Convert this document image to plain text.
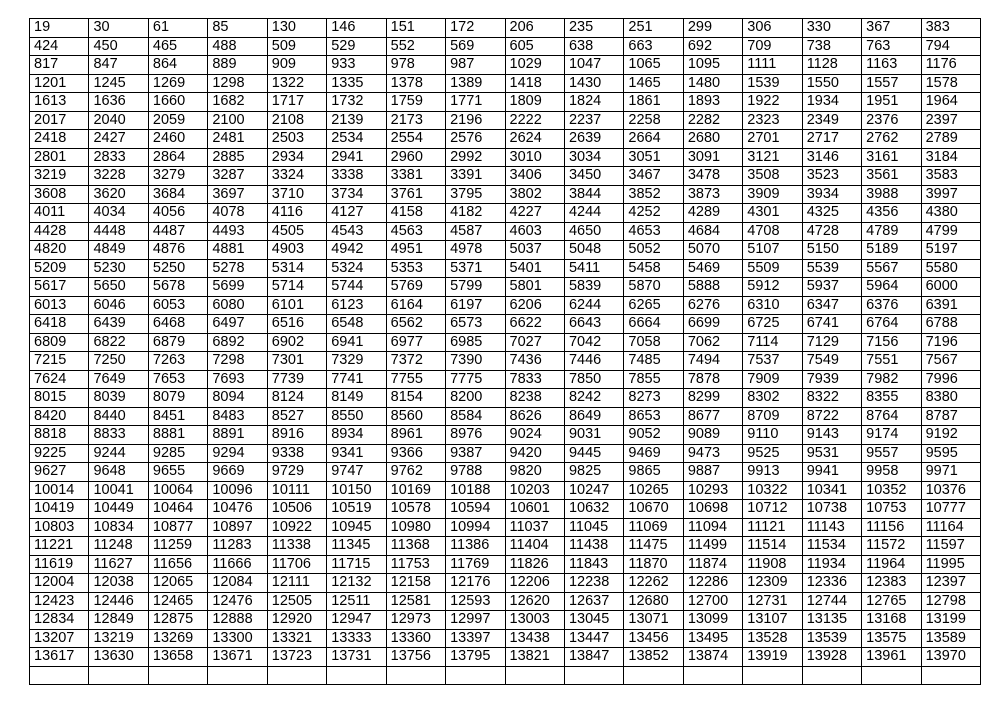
19	30	61	85	130	146	151	172	206	235	251	299	306	330	367	383
424	450	465	488	509	529	552	569	605	638	663	692	709	738	763	794
817	847	864	889	909	933	978	987	1029	1047	1065	1095	1111	1128	1163	1176
1201	1245	1269	1298	1322	1335	1378	1389	1418	1430	1465	1480	1539	1550	1557	1578
1613	1636	1660	1682	1717	1732	1759	1771	1809	1824	1861	1893	1922	1934	1951	1964
2017	2040	2059	2100	2108	2139	2173	2196	2222	2237	2258	2282	2323	2349	2376	2397
2418	2427	2460	2481	2503	2534	2554	2576	2624	2639	2664	2680	2701	2717	2762	2789
2801	2833	2864	2885	2934	2941	2960	2992	3010	3034	3051	3091	3121	3146	3161	3184
3219	3228	3279	3287	3324	3338	3381	3391	3406	3450	3467	3478	3508	3523	3561	3583
3608	3620	3684	3697	3710	3734	3761	3795	3802	3844	3852	3873	3909	3934	3988	3997
4011	4034	4056	4078	4116	4127	4158	4182	4227	4244	4252	4289	4301	4325	4356	4380
4428	4448	4487	4493	4505	4543	4563	4587	4603	4650	4653	4684	4708	4728	4789	4799
4820	4849	4876	4881	4903	4942	4951	4978	5037	5048	5052	5070	5107	5150	5189	5197
5209	5230	5250	5278	5314	5324	5353	5371	5401	5411	5458	5469	5509	5539	5567	5580
5617	5650	5678	5699	5714	5744	5769	5799	5801	5839	5870	5888	5912	5937	5964	6000
6013	6046	6053	6080	6101	6123	6164	6197	6206	6244	6265	6276	6310	6347	6376	6391
6418	6439	6468	6497	6516	6548	6562	6573	6622	6643	6664	6699	6725	6741	6764	6788
6809	6822	6879	6892	6902	6941	6977	6985	7027	7042	7058	7062	7114	7129	7156	7196
7215	7250	7263	7298	7301	7329	7372	7390	7436	7446	7485	7494	7537	7549	7551	7567
7624	7649	7653	7693	7739	7741	7755	7775	7833	7850	7855	7878	7909	7939	7982	7996
8015	8039	8079	8094	8124	8149	8154	8200	8238	8242	8273	8299	8302	8322	8355	8380
8420	8440	8451	8483	8527	8550	8560	8584	8626	8649	8653	8677	8709	8722	8764	8787
8818	8833	8881	8891	8916	8934	8961	8976	9024	9031	9052	9089	9110	9143	9174	9192
9225	9244	9285	9294	9338	9341	9366	9387	9420	9445	9469	9473	9525	9531	9557	9595
9627	9648	9655	9669	9729	9747	9762	9788	9820	9825	9865	9887	9913	9941	9958	9971
10014	10041	10064	10096	10111	10150	10169	10188	10203	10247	10265	10293	10322	10341	10352	10376
10419	10449	10464	10476	10506	10519	10578	10594	10601	10632	10670	10698	10712	10738	10753	10777
10803	10834	10877	10897	10922	10945	10980	10994	11037	11045	11069	11094	11121	11143	11156	11164
11221	11248	11259	11283	11338	11345	11368	11386	11404	11438	11475	11499	11514	11534	11572	11597
11619	11627	11656	11666	11706	11715	11753	11769	11826	11843	11870	11874	11908	11934	11964	11995
12004	12038	12065	12084	12111	12132	12158	12176	12206	12238	12262	12286	12309	12336	12383	12397
12423	12446	12465	12476	12505	12511	12581	12593	12620	12637	12680	12700	12731	12744	12765	12798
12834	12849	12875	12888	12920	12947	12973	12997	13003	13045	13071	13099	13107	13135	13168	13199
13207	13219	13269	13300	13321	13333	13360	13397	13438	13447	13456	13495	13528	13539	13575	13589
13617	13630	13658	13671	13723	13731	13756	13795	13821	13847	13852	13874	13919	13928	13961	13970
